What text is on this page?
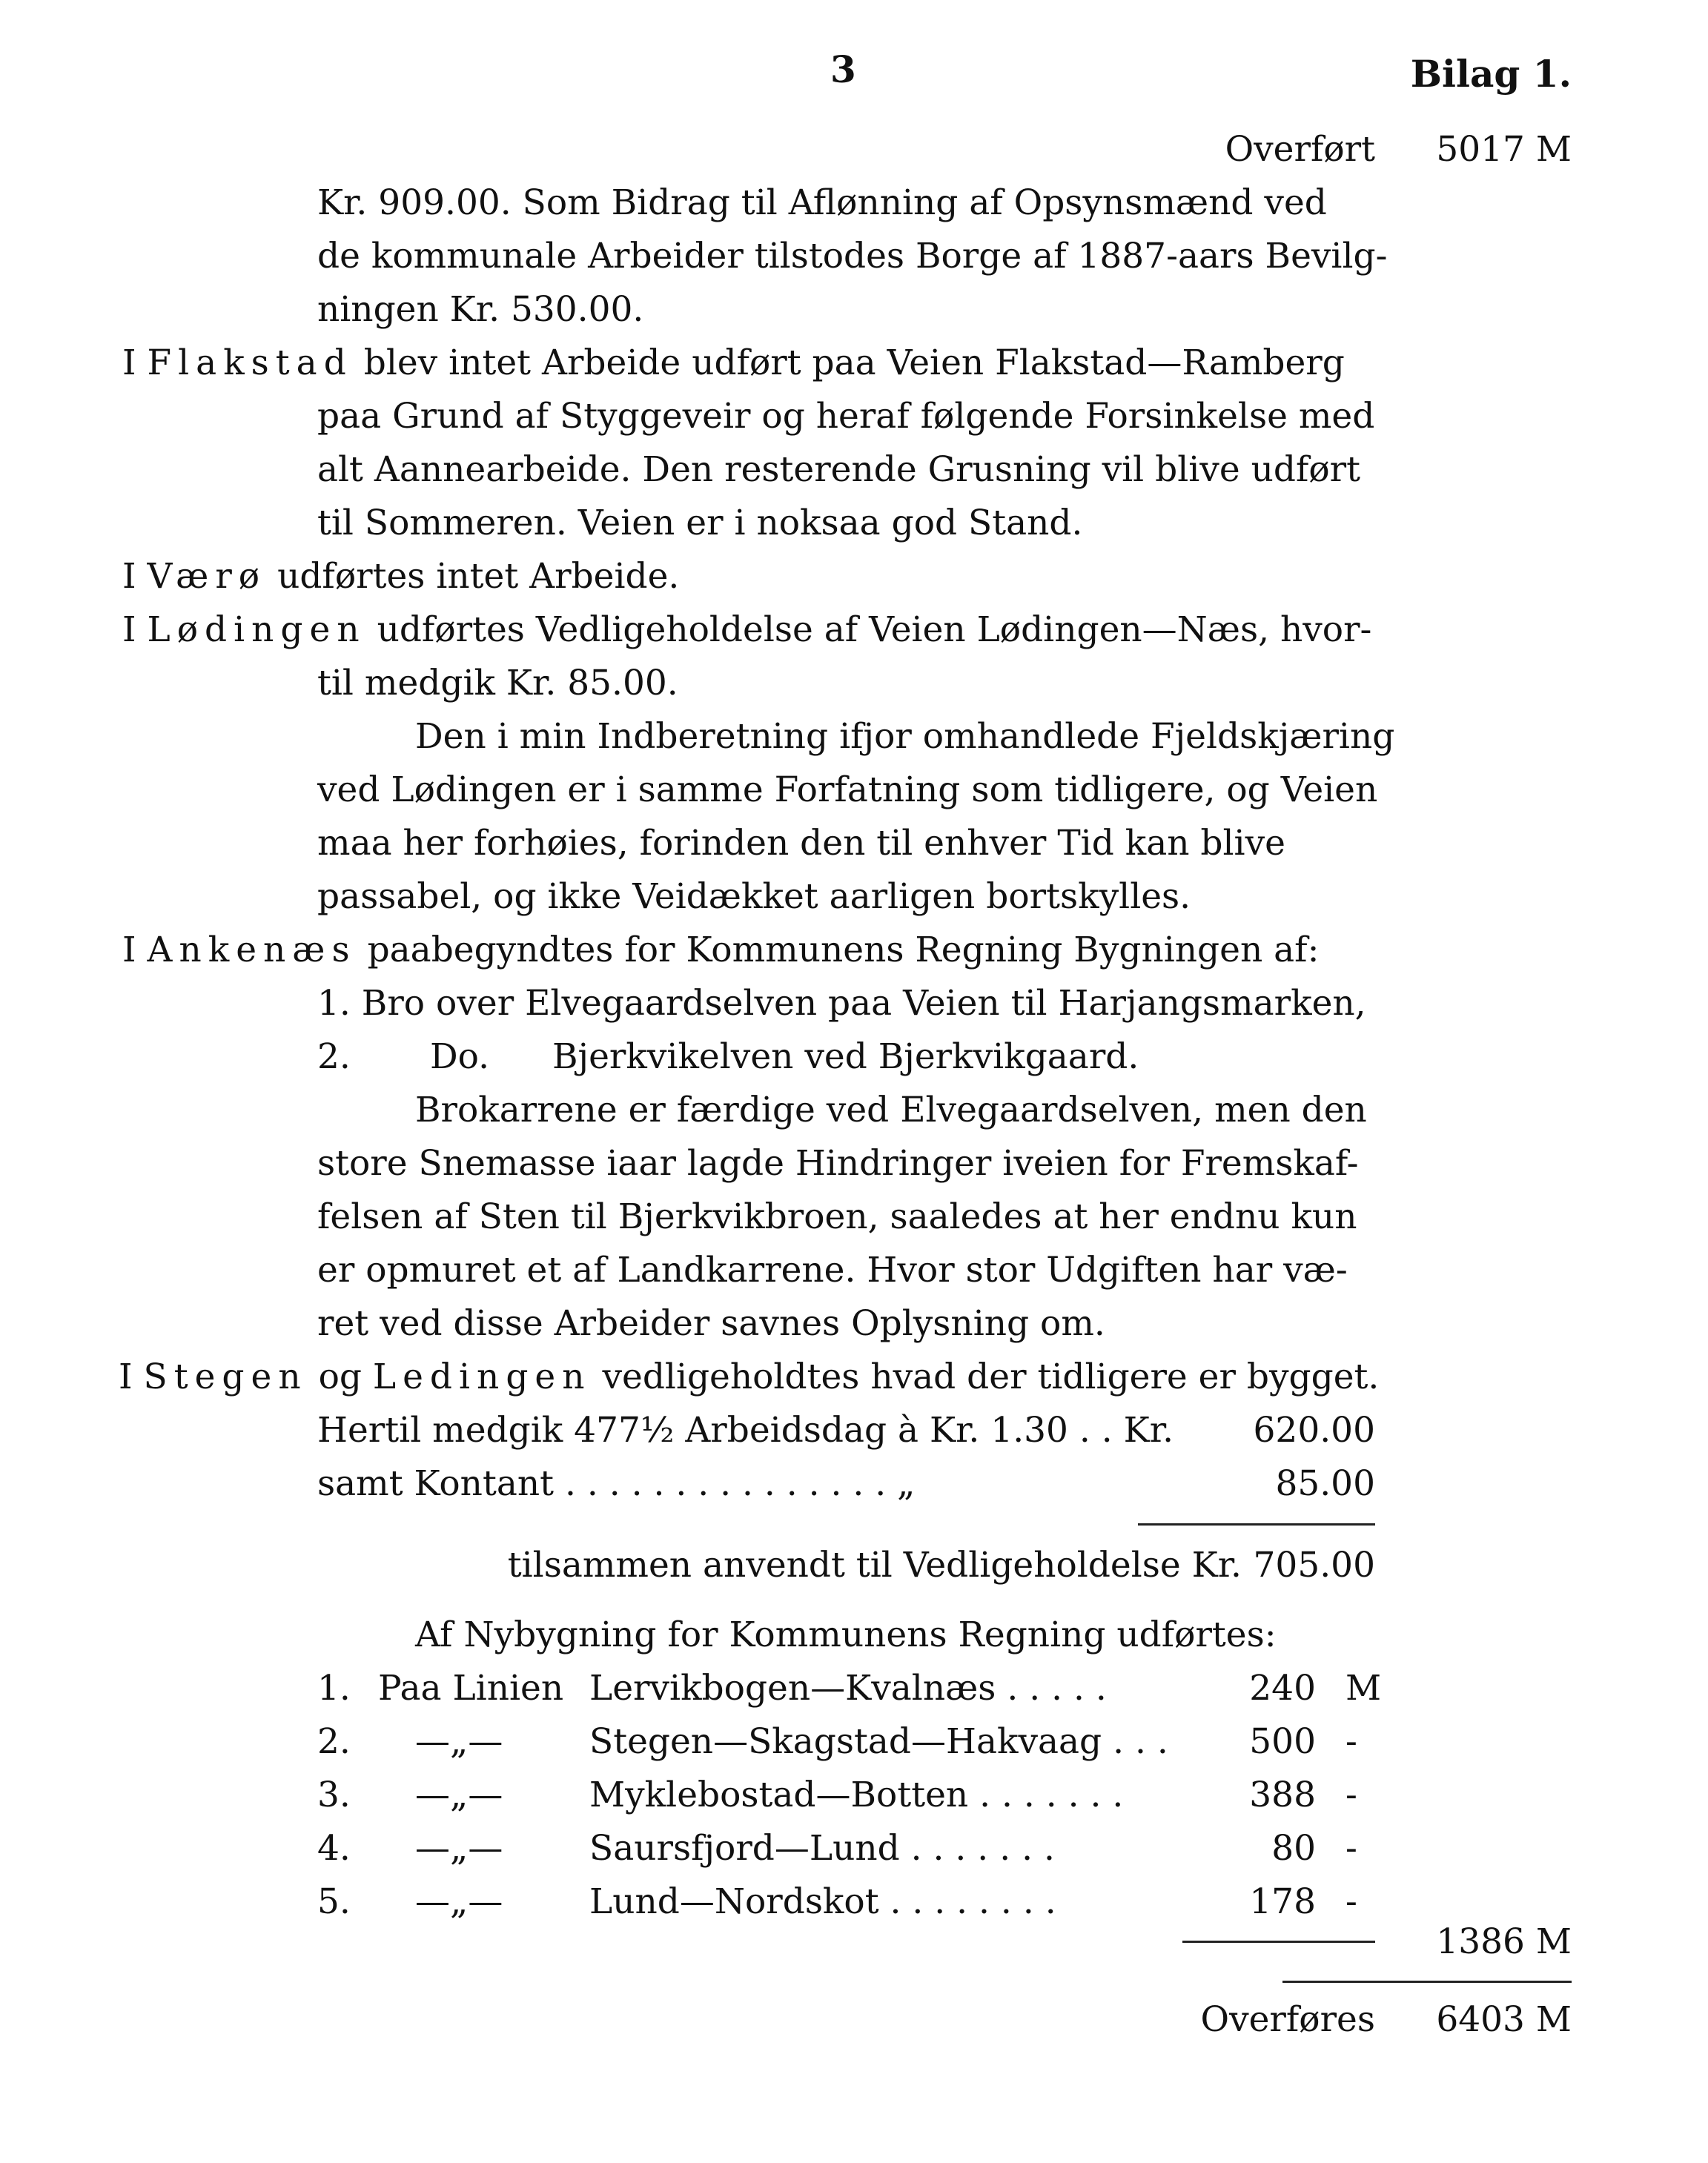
3	Bilag 1.
Overført	5017 M
Kr. 909.00. Som Bidrag til Aflønning af Opsynsmænd ved
de kommunale Arbeider tilstodes Borge af 1887-aars Bevilg-
ningen Kr. 530.00.
I Flakstad blev intet Arbeide udført paa Veien Flakstad—Ramberg
paa Grund af Styggeveir og heraf følgende Forsinkelse med
alt Aannearbeide. Den resterende Grusning vil blive udført
til Sommeren. Veien er i noksaa god Stand.
I Værø udførtes intet Arbeide.
I Lødingen udførtes Vedligeholdelse af Veien Lødingen—Næs, hvor-
til medgik Kr. 85.00.
Den i min Indberetning ifjor omhandlede Fjeldskjæring
ved Lødingen er i samme Forfatning som tidligere, og Veien
maa her forhøies, forinden den til enhver Tid kan blive
passabel, og ikke Veidækket aarligen bortskylles.
I Ankenæs paabegyndtes for Kommunens Regning Bygningen af:
1. Bro over Elvegaardselven paa Veien til Harjangsmarken,
2. Do. Bjerkvikelven ved Bjerkvikgaard.
Brokarrene er færdige ved Elvegaardselven, men den
store Snemasse iaar lagde Hindringer iveien for Fremskaf-
felsen af Sten til Bjerkvikbroen, saaledes at her endnu kun
er opmuret et af Landkarrene. Hvor stor Udgiften har væ-
ret ved disse Arbeider savnes Oplysning om.
I Stegen og Ledingen vedligeholdtes hvad der tidligere er bygget.
Hertil medgik 477½ Arbeidsdag à Kr. 1.30 . . Kr.	620.00
samt Kontant . . . . . . . . . . . . . . . „	85.00
tilsammen anvendt til Vedligeholdelse Kr. 705.00
Af Nybygning for Kommunens Regning udførtes:
1. Paa Linien Lervikbogen—Kvalnæs . . . . .	240 M
2. —„— Stegen—Skagstad—Hakvaag . . .	500 -
3. —„— Myklebostad—Botten . . . . . . .	388 -
4. —„— Saursfjord—Lund . . . . . . .	80 -
5. —„— Lund—Nordskot . . . . . . . .	178 -
1386 M
Overføres	6403 M
